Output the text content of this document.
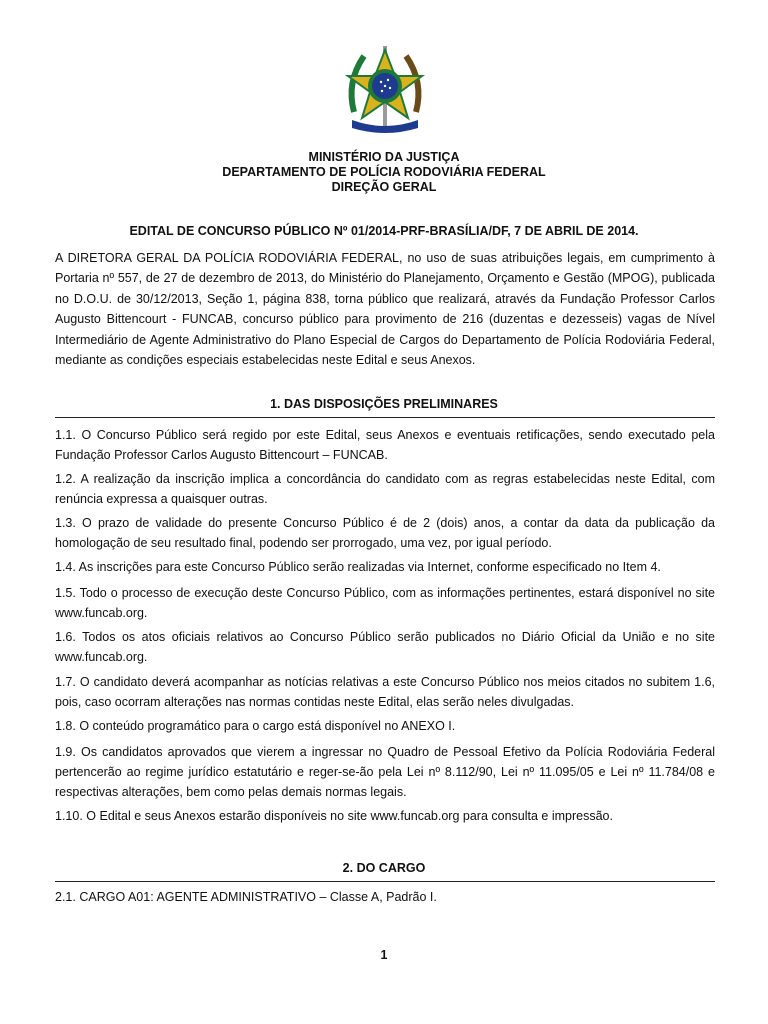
MINISTÉRIO DA JUSTIÇA
DEPARTAMENTO DE POLÍCIA RODOVIÁRIA FEDERAL
DIREÇÃO GERAL
EDITAL DE CONCURSO PÚBLICO Nº 01/2014-PRF-BRASÍLIA/DF, 7 DE ABRIL DE 2014.
A DIRETORA GERAL DA POLÍCIA RODOVIÁRIA FEDERAL, no uso de suas atribuições legais, em cumprimento à Portaria nº 557, de 27 de dezembro de 2013, do Ministério do Planejamento, Orçamento e Gestão (MPOG), publicada no D.O.U. de 30/12/2013, Seção 1, página 838, torna público que realizará, através da Fundação Professor Carlos Augusto Bittencourt - FUNCAB, concurso público para provimento de 216 (duzentas e dezesseis) vagas de Nível Intermediário de Agente Administrativo do Plano Especial de Cargos do Departamento de Polícia Rodoviária Federal, mediante as condições especiais estabelecidas neste Edital e seus Anexos.
1. DAS DISPOSIÇÕES PRELIMINARES
1.1. O Concurso Público será regido por este Edital, seus Anexos e eventuais retificações, sendo executado pela Fundação Professor Carlos Augusto Bittencourt – FUNCAB.
1.2. A realização da inscrição implica a concordância do candidato com as regras estabelecidas neste Edital, com renúncia expressa a quaisquer outras.
1.3. O prazo de validade do presente Concurso Público é de 2 (dois) anos, a contar da data da publicação da homologação de seu resultado final, podendo ser prorrogado, uma vez, por igual período.
1.4. As inscrições para este Concurso Público serão realizadas via Internet, conforme especificado no Item 4.
1.5. Todo o processo de execução deste Concurso Público, com as informações pertinentes, estará disponível no site www.funcab.org.
1.6. Todos os atos oficiais relativos ao Concurso Público serão publicados no Diário Oficial da União e no site www.funcab.org.
1.7. O candidato deverá acompanhar as notícias relativas a este Concurso Público nos meios citados no subitem 1.6, pois, caso ocorram alterações nas normas contidas neste Edital, elas serão neles divulgadas.
1.8. O conteúdo programático para o cargo está disponível no ANEXO I.
1.9. Os candidatos aprovados que vierem a ingressar no Quadro de Pessoal Efetivo da Polícia Rodoviária Federal pertencerão ao regime jurídico estatutário e reger-se-ão pela Lei nº 8.112/90, Lei nº 11.095/05 e Lei nº 11.784/08 e respectivas alterações, bem como pelas demais normas legais.
1.10. O Edital e seus Anexos estarão disponíveis no site www.funcab.org para consulta e impressão.
2. DO CARGO
2.1. CARGO A01: AGENTE ADMINISTRATIVO – Classe A, Padrão I.
1
